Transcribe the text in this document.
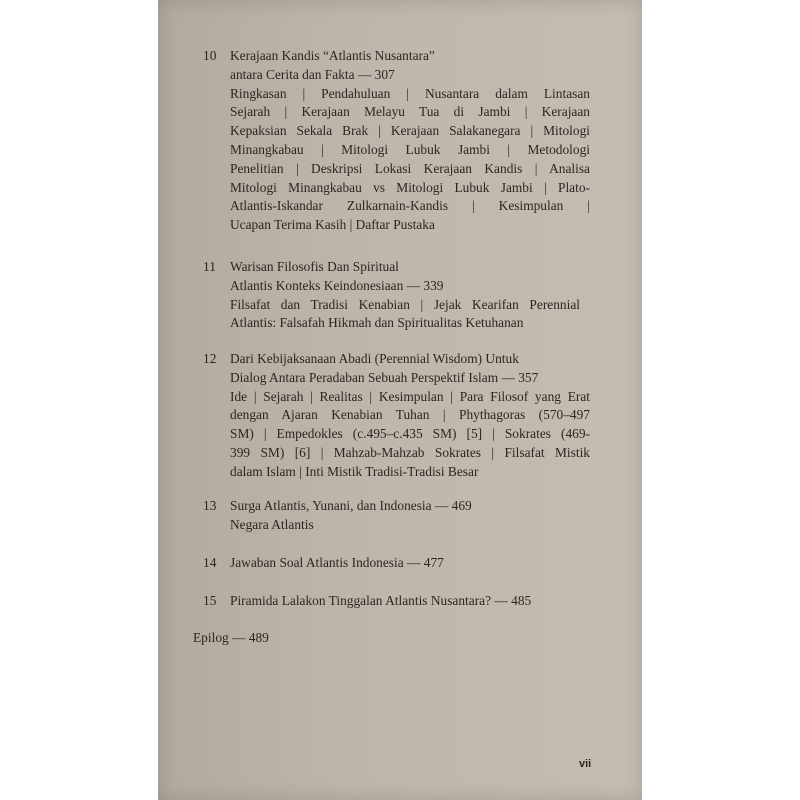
10 Kerajaan Kandis “Atlantis Nusantara”
antara Cerita dan Fakta — 307
Ringkasan | Pendahuluan | Nusantara dalam Lintasan
Sejarah | Kerajaan Melayu Tua di Jambi | Kerajaan
Kepaksian Sekala Brak | Kerajaan Salakanegara | Mitologi
Minangkabau | Mitologi Lubuk Jambi | Metodologi
Penelitian | Deskripsi Lokasi Kerajaan Kandis | Analisa
Mitologi Minangkabau vs Mitologi Lubuk Jambi | Plato-
Atlantis-Iskandar Zulkarnain-Kandis | Kesimpulan |
Ucapan Terima Kasih | Daftar Pustaka
11 Warisan Filosofis Dan Spiritual
Atlantis Konteks Keindonesiaan — 339
Filsafat dan Tradisi Kenabian | Jejak Kearifan Perennial
Atlantis: Falsafah Hikmah dan Spiritualitas Ketuhanan
12 Dari Kebijaksanaan Abadi (Perennial Wisdom) Untuk
Dialog Antara Peradaban Sebuah Perspektif Islam — 357
Ide | Sejarah | Realitas | Kesimpulan | Para Filosof yang Erat
dengan Ajaran Kenabian Tuhan | Phythagoras (570–497
SM) | Empedokles (c.495–c.435 SM) [5] | Sokrates (469-
399 SM) [6] | Mahzab-Mahzab Sokrates | Filsafat Mistik
dalam Islam | Inti Mistik Tradisi-Tradisi Besar
13 Surga Atlantis, Yunani, dan Indonesia — 469
Negara Atlantis
14 Jawaban Soal Atlantis Indonesia — 477
15 Piramida Lalakon Tinggalan Atlantis Nusantara? — 485
Epilog — 489
vii
